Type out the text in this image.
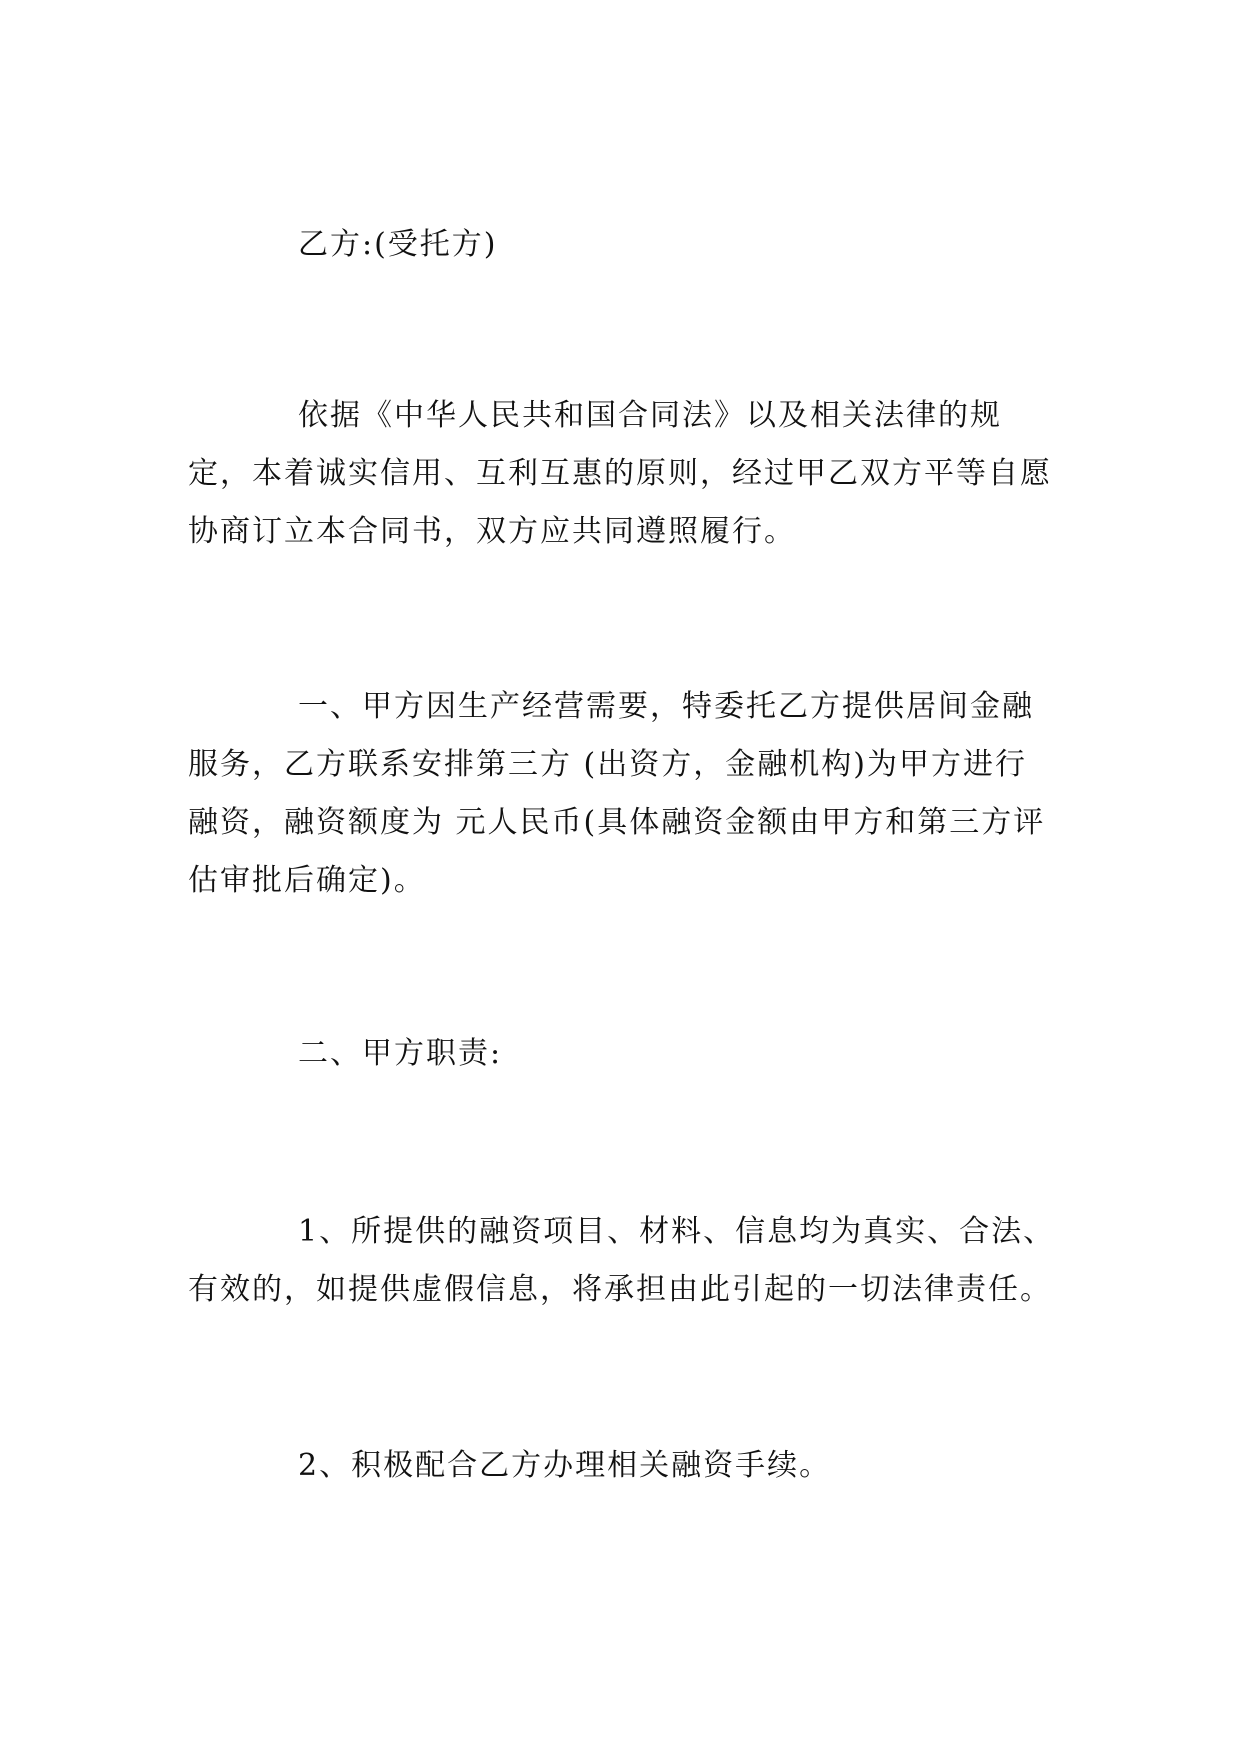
乙方:(受托方)

依据《中华人民共和国合同法》以及相关法律的规定，本着诚实信用、互利互惠的原则，经过甲乙双方平等自愿协商订立本合同书，双方应共同遵照履行。

一、甲方因生产经营需要，特委托乙方提供居间金融服务，乙方联系安排第三方 (出资方，金融机构)为甲方进行融资，融资额度为 元人民币(具体融资金额由甲方和第三方评估审批后确定)。

二、甲方职责:

1、所提供的融资项目、材料、信息均为真实、合法、有效的，如提供虚假信息，将承担由此引起的一切法律责任。

2、积极配合乙方办理相关融资手续。
